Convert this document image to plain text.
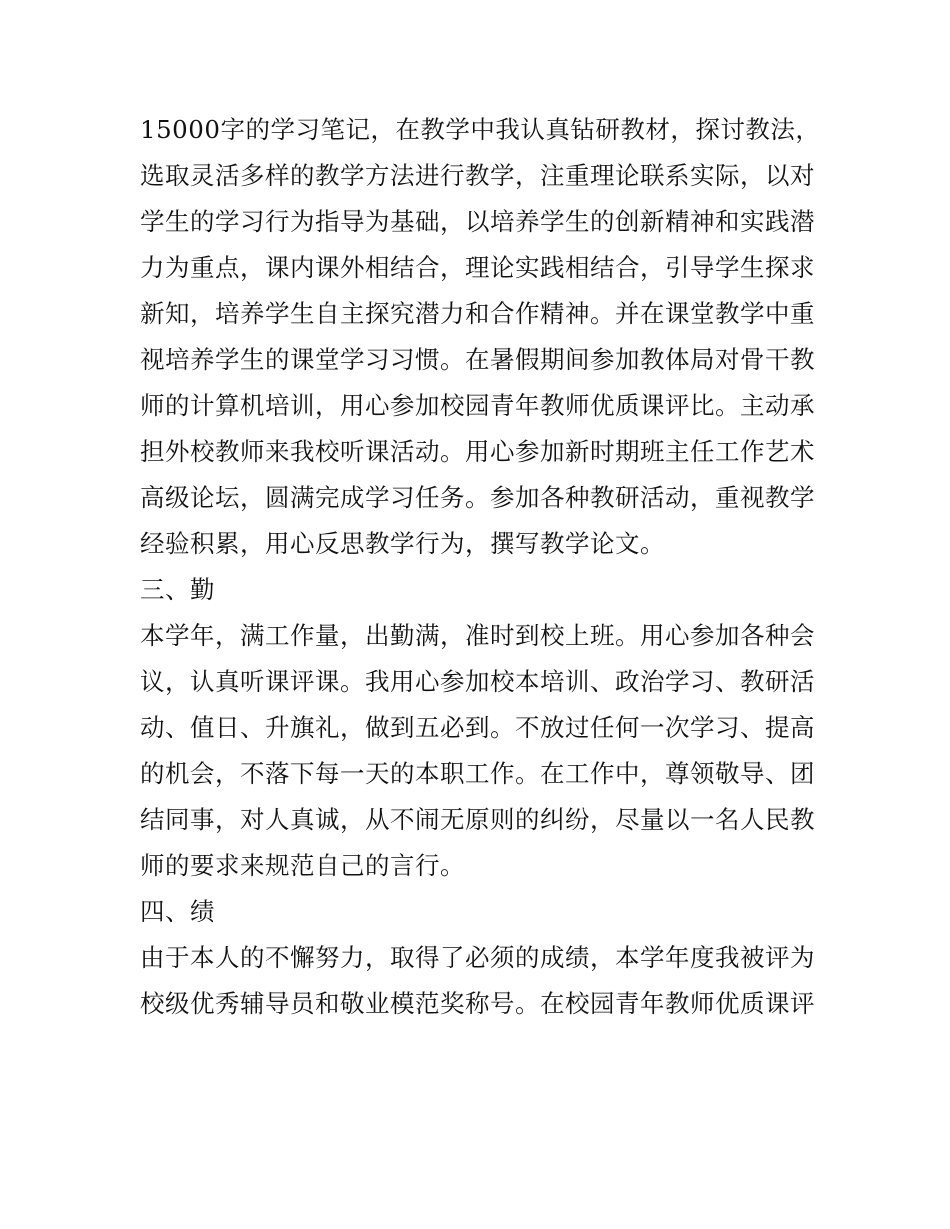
15000字的学习笔记，在教学中我认真钻研教材，探讨教法，
选取灵活多样的教学方法进行教学，注重理论联系实际，以对
学生的学习行为指导为基础，以培养学生的创新精神和实践潜
力为重点，课内课外相结合，理论实践相结合，引导学生探求
新知，培养学生自主探究潜力和合作精神。并在课堂教学中重
视培养学生的课堂学习习惯。在暑假期间参加教体局对骨干教
师的计算机培训，用心参加校园青年教师优质课评比。主动承
担外校教师来我校听课活动。用心参加新时期班主任工作艺术
高级论坛，圆满完成学习任务。参加各种教研活动，重视教学
经验积累，用心反思教学行为，撰写教学论文。
三、勤
本学年，满工作量，出勤满，准时到校上班。用心参加各种会
议，认真听课评课。我用心参加校本培训、政治学习、教研活
动、值日、升旗礼，做到五必到。不放过任何一次学习、提高
的机会，不落下每一天的本职工作。在工作中，尊领敬导、团
结同事，对人真诚，从不闹无原则的纠纷，尽量以一名人民教
师的要求来规范自己的言行。
四、绩
由于本人的不懈努力，取得了必须的成绩，本学年度我被评为
校级优秀辅导员和敬业模范奖称号。在校园青年教师优质课评
